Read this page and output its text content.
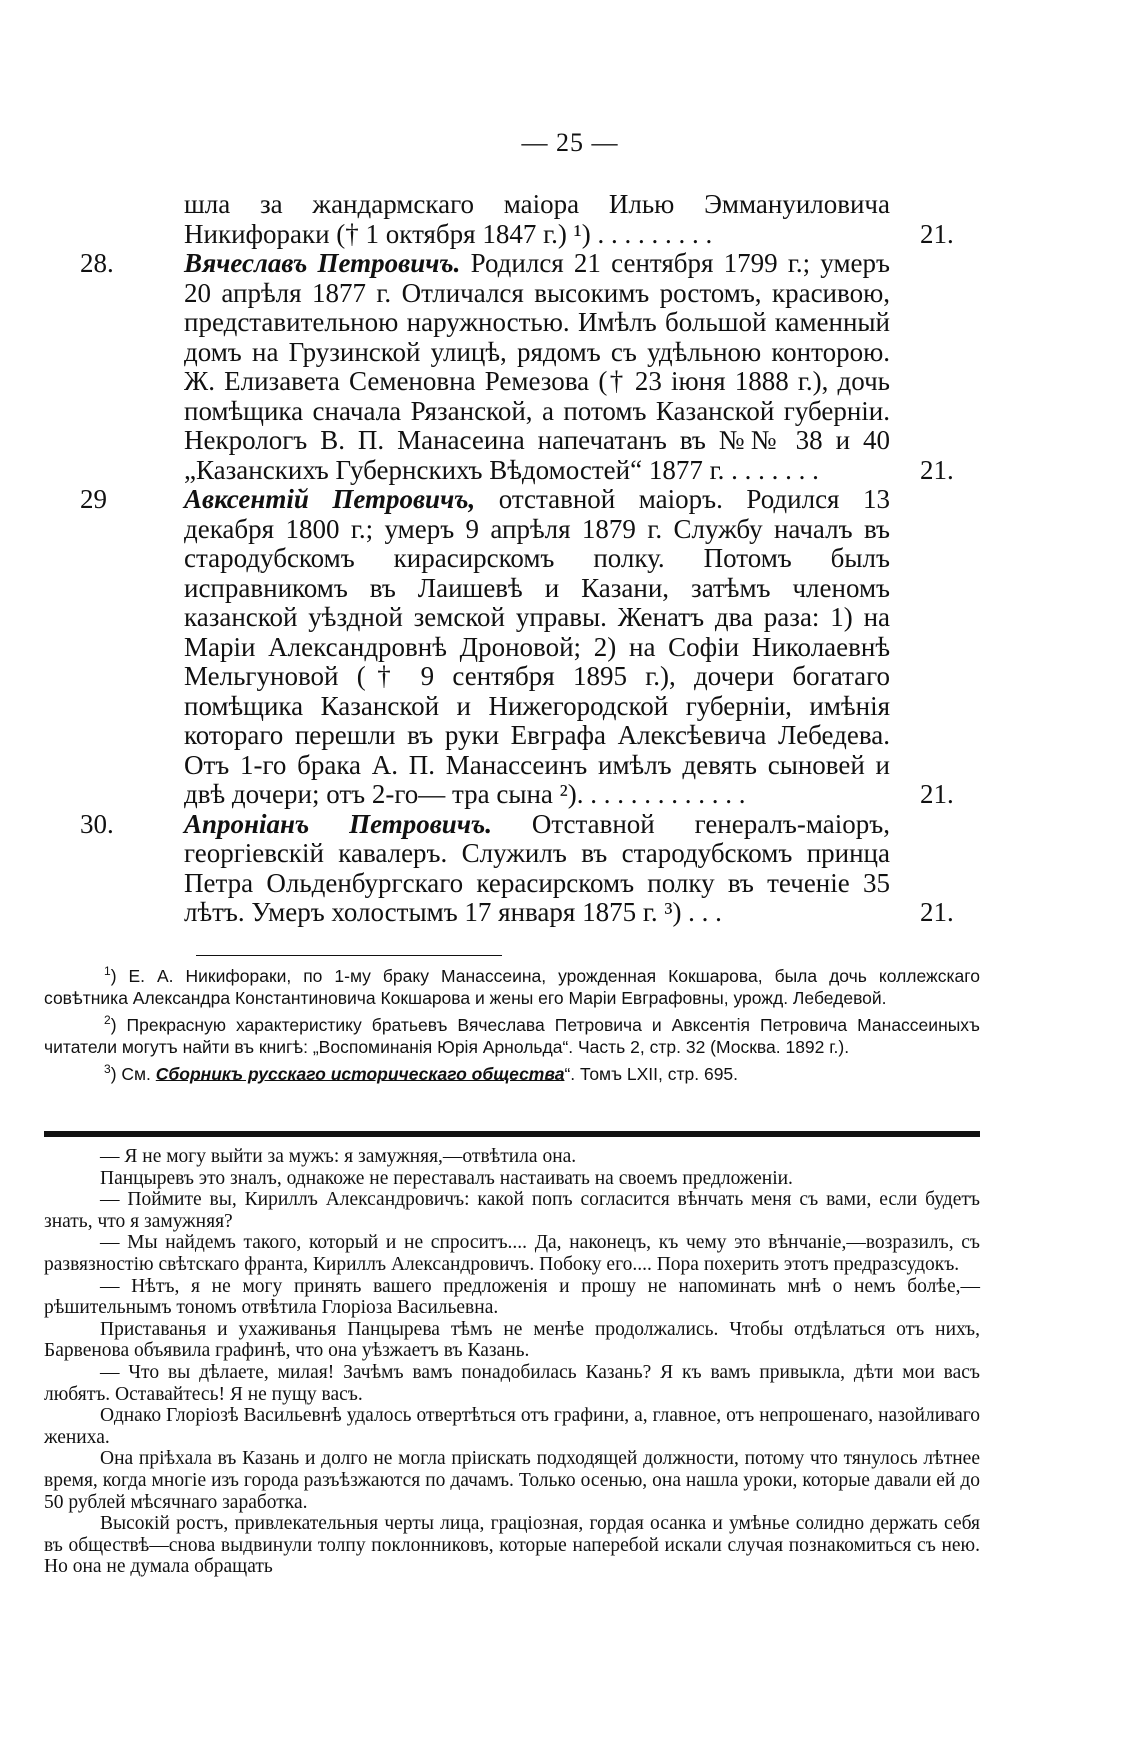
— 25 —
шла за жандармскаго маіора Илью Эммануиловича Никифораки († 1 октября 1847 г.) ¹) . . . . . . . . .	21.
28.	Вячеславъ Петровичъ. Родился 21 сентября 1799 г.; умеръ 20 апрѣля 1877 г. Отличался высокимъ ростомъ, красивою, представительною наружностью. Имѣлъ большой каменный домъ на Грузинской улицѣ, рядомъ съ удѣльною конторою. Ж. Елизавета Семеновна Ремезова († 23 іюня 1888 г.), дочь помѣщика сначала Рязанской, а потомъ Казанской губерніи. Некрологъ В. П. Манасеина напечатанъ въ №№ 38 и 40 „Казанскихъ Губернскихъ Вѣдомостей“ 1877 г. . . . . . . .	21.
29	Авксентій Петровичъ, отставной маіоръ. Родился 13 декабря 1800 г.; умеръ 9 апрѣля 1879 г. Службу началъ въ стародубскомъ кирасирскомъ полку. Потомъ былъ исправникомъ въ Лаишевѣ и Казани, затѣмъ членомъ казанской уѣздной земской управы. Женатъ два раза: 1) на Маріи Александровнѣ Дроновой; 2) на Софіи Николаевнѣ Мельгуновой († 9 сентября 1895 г.), дочери богатаго помѣщика Казанской и Нижегородской губерніи, имѣнія котораго перешли въ руки Евграфа Алексѣевича Лебедева. Отъ 1-го брака А. П. Манассеинъ имѣлъ девять сыновей и двѣ дочери; отъ 2-го— тра сына ²). . . . . . . . . . . . .	21.
30.	Апроніанъ Петровичъ. Отставной генералъ-маіоръ, георгіевскій кавалеръ. Служилъ въ стародубскомъ принца Петра Ольденбургскаго керасирскомъ полку въ теченіе 35 лѣтъ. Умеръ холостымъ 17 января 1875 г. ³) . . .	21.

$^1$) Е. А. Никифораки, по 1-му браку Манассеина, урожденная Кокшарова, была дочь коллежскаго совѣтника Александра Константиновича Кокшарова и жены его Маріи Евграфовны, урожд. Лебедевой.

$^2$) Прекрасную характеристику братьевъ Вячеслава Петровича и Авксентія Петровича Манассеиныхъ читатели могутъ найти въ книгѣ: „Воспоминанія Юрія Арнольда“. Часть 2, стр. 32 (Москва. 1892 г.).

$^3$) См. Сборникъ русскаго историческаго общества“. Томъ LXII, стр. 695.

— Я не могу выйти за мужъ: я замужняя,—отвѣтила она.

Панцыревъ это зналъ, однакоже не переставалъ настаивать на своемъ предложеніи.

— Поймите вы, Кириллъ Александровичъ: какой попъ согласится вѣнчать меня съ вами, если будетъ знать, что я замужняя?

— Мы найдемъ такого, который и не спроситъ.... Да, наконецъ, къ чему это вѣнчаніе,—возразилъ, съ развязностію свѣтскаго франта, Кириллъ Александровичъ. Побоку его.... Пора похерить этотъ предразсудокъ.

— Нѣтъ, я не могу принять вашего предложенія и прошу не напоминать мнѣ о немъ болѣе,—рѣшительнымъ тономъ отвѣтила Глоріоза Васильевна.

Приставанья и ухаживанья Панцырева тѣмъ не менѣе продолжались. Чтобы отдѣлаться отъ нихъ, Барвенова объявила графинѣ, что она уѣзжаетъ въ Казань.

— Что вы дѣлаете, милая! Зачѣмъ вамъ понадобилась Казань? Я къ вамъ привыкла, дѣти мои васъ любятъ. Оставайтесь! Я не пущу васъ.

Однако Глоріозѣ Васильевнѣ удалось отвертѣться отъ графини, а, главное, отъ непрошенаго, назойливаго жениха.

Она пріѣхала въ Казань и долго не могла пріискать подходящей должности, потому что тянулось лѣтнее время, когда многіе изъ города разъѣзжаются по дачамъ. Только осенью, она нашла уроки, которые давали ей до 50 рублей мѣсячнаго заработка.

Высокій ростъ, привлекательныя черты лица, граціозная, гордая осанка и умѣнье солидно держать себя въ обществѣ—снова выдвинули толпу поклонниковъ, которые наперебой искали случая познакомиться съ нею. Но она не думала обращать
